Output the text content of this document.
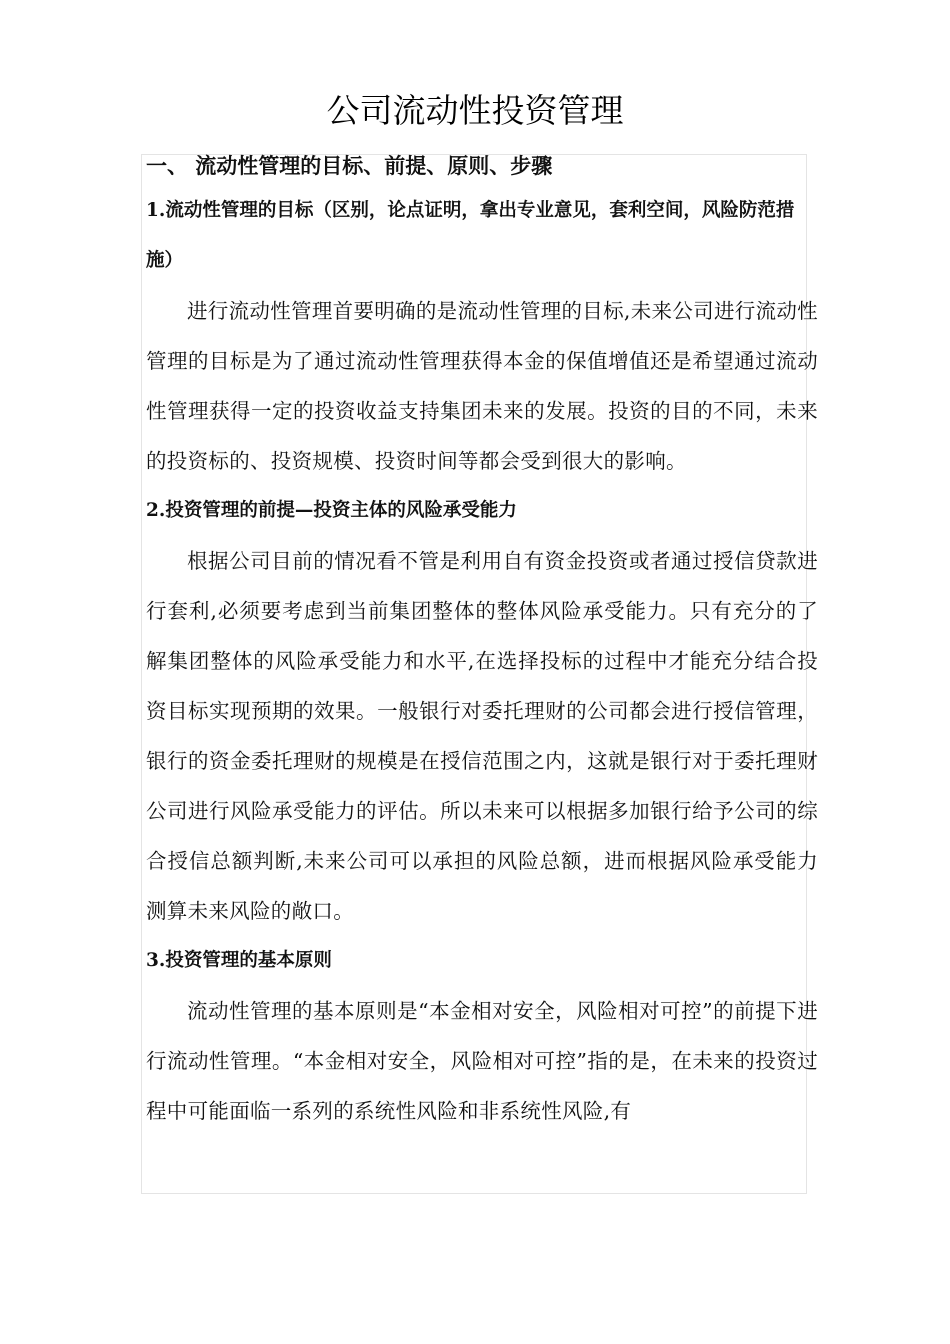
公司流动性投资管理
一、 流动性管理的目标、前提、原则、步骤
1.流动性管理的目标（区别，论点证明，拿出专业意见，套利空间，风险防范措施）

进行流动性管理首要明确的是流动性管理的目标,未来公司进行流动性管理的目标是为了通过流动性管理获得本金的保值增值还是希望通过流动性管理获得一定的投资收益支持集团未来的发展。投资的目的不同，未来的投资标的、投资规模、投资时间等都会受到很大的影响。

2.投资管理的前提—投资主体的风险承受能力

根据公司目前的情况看不管是利用自有资金投资或者通过授信贷款进行套利,必须要考虑到当前集团整体的整体风险承受能力。只有充分的了解集团整体的风险承受能力和水平,在选择投标的过程中才能充分结合投资目标实现预期的效果。一般银行对委托理财的公司都会进行授信管理，银行的资金委托理财的规模是在授信范围之内，这就是银行对于委托理财公司进行风险承受能力的评估。所以未来可以根据多加银行给予公司的综合授信总额判断,未来公司可以承担的风险总额，进而根据风险承受能力测算未来风险的敞口。

3.投资管理的基本原则

流动性管理的基本原则是“本金相对安全，风险相对可控”的前提下进行流动性管理。“本金相对安全，风险相对可控”指的是，在未来的投资过程中可能面临一系列的系统性风险和非系统性风险,有
